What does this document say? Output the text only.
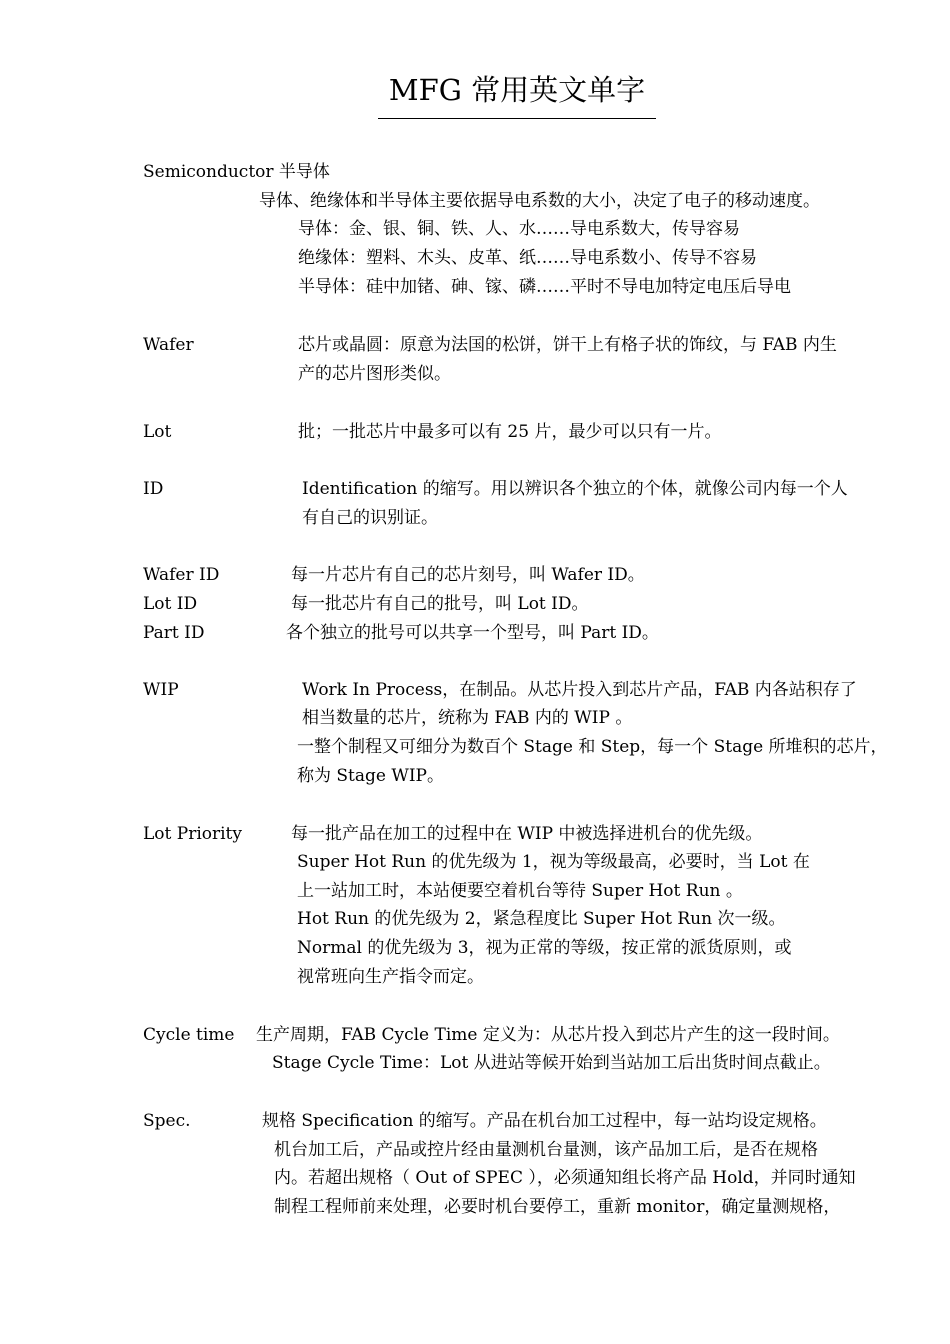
MFG 常用英文单字
Semiconductor 半导体
导体、绝缘体和半导体主要依据导电系数的大小，决定了电子的移动速度。
导体：金、银、铜、铁、人、水……导电系数大，传导容易
绝缘体：塑料、木头、皮革、纸……导电系数小、传导不容易
半导体：硅中加锗、砷、镓、磷……平时不导电加特定电压后导电
Wafer	芯片或晶圆：原意为法国的松饼，饼干上有格子状的饰纹，与 FAB 内生
产的芯片图形类似。
Lot	批；一批芯片中最多可以有 25 片，最少可以只有一片。
ID	Identification 的缩写。用以辨识各个独立的个体，就像公司内每一个人
有自己的识别证。
Wafer ID	每一片芯片有自己的芯片刻号，叫 Wafer ID。
Lot ID	每一批芯片有自己的批号，叫 Lot ID。
Part ID	各个独立的批号可以共享一个型号，叫 Part ID。
WIP	Work In Process，在制品。从芯片投入到芯片产品，FAB 内各站积存了
相当数量的芯片，统称为 FAB 内的 WIP 。
一整个制程又可细分为数百个 Stage 和 Step，每一个 Stage 所堆积的芯片，
称为 Stage WIP。
Lot Priority	每一批产品在加工的过程中在 WIP 中被选择进机台的优先级。
Super Hot Run 的优先级为 1，视为等级最高，必要时，当 Lot 在
上一站加工时，本站便要空着机台等待 Super Hot Run 。
Hot Run 的优先级为 2，紧急程度比 Super Hot Run 次一级。
Normal 的优先级为 3，视为正常的等级，按正常的派货原则，或
视常班向生产指令而定。
Cycle time 生产周期，FAB Cycle Time 定义为：从芯片投入到芯片产生的这一段时间。
Stage Cycle Time：Lot 从进站等候开始到当站加工后出货时间点截止。
Spec.	规格 Specification 的缩写。产品在机台加工过程中，每一站均设定规格。
机台加工后，产品或控片经由量测机台量测，该产品加工后，是否在规格
内。若超出规格（ Out of SPEC ），必须通知组长将产品 Hold，并同时通知
制程工程师前来处理，必要时机台要停工，重新 monitor，确定量测规格，
